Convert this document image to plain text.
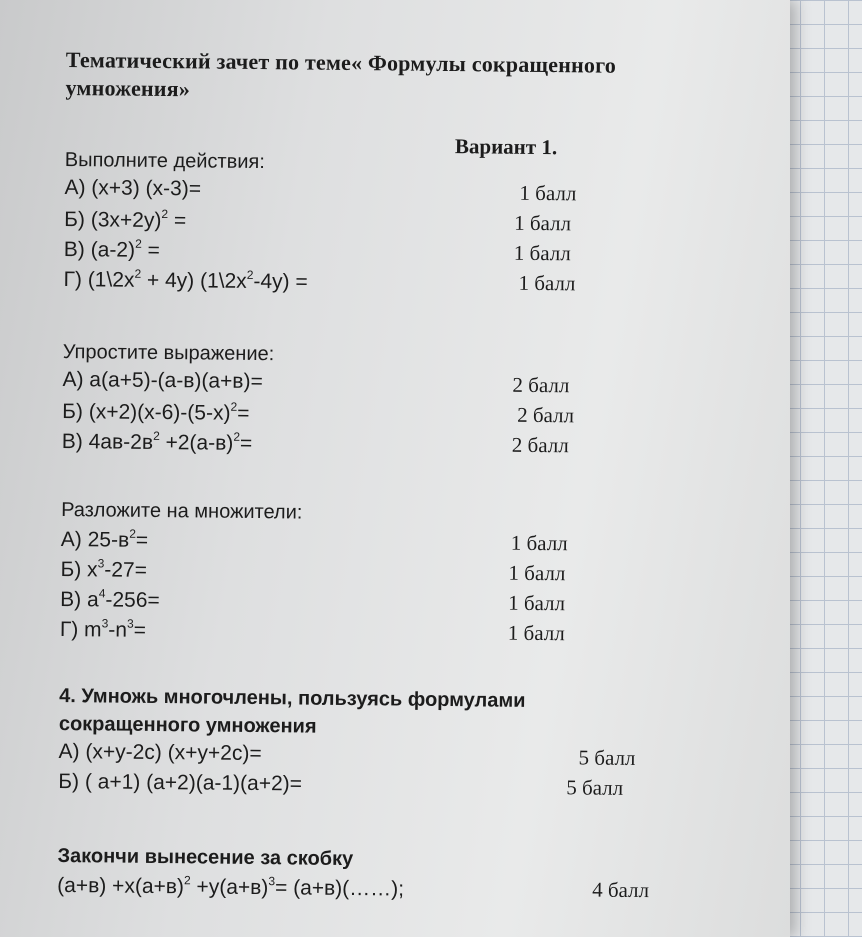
Тематический зачет по теме« Формулы сокращенного умножения»
Вариант 1.
Выполните действия:
А) (х+3) (х-3)=	1 балл
Б) $(3х+2у)^2$ =	1 балл
В) $(а-2)^2$ =	1 балл
Г) $(1\backslash 2х^2 + 4у)$ $(1\backslash 2х^2-4у)$ =	1 балл
Упростите выражение:
А) а(а+5)-(а-в)(а+в)=	2 балл
Б) $(х+2)(х-6)-(5-х)^2=$	2 балл
В) $4ав-2в^2 +2(а-в)^2=$	2 балл
Разложите на множители:
А) $25-в^2=$	1 балл
Б) $х^3-27=$	1 балл
В) $а^4-256=$	1 балл
Г) $m^3-n^3=$	1 балл
4. Умножь многочлены, пользуясь формулами сокращенного умножения
А) (х+у-2с) (х+у+2с)=	5 балл
Б) ( а+1) (а+2)(а-1)(а+2)=	5 балл
Закончи вынесение за скобку
$(а+в) +х(а+в)^2 +у(а+в)^3=$ (а+в)(……);	4 балл
